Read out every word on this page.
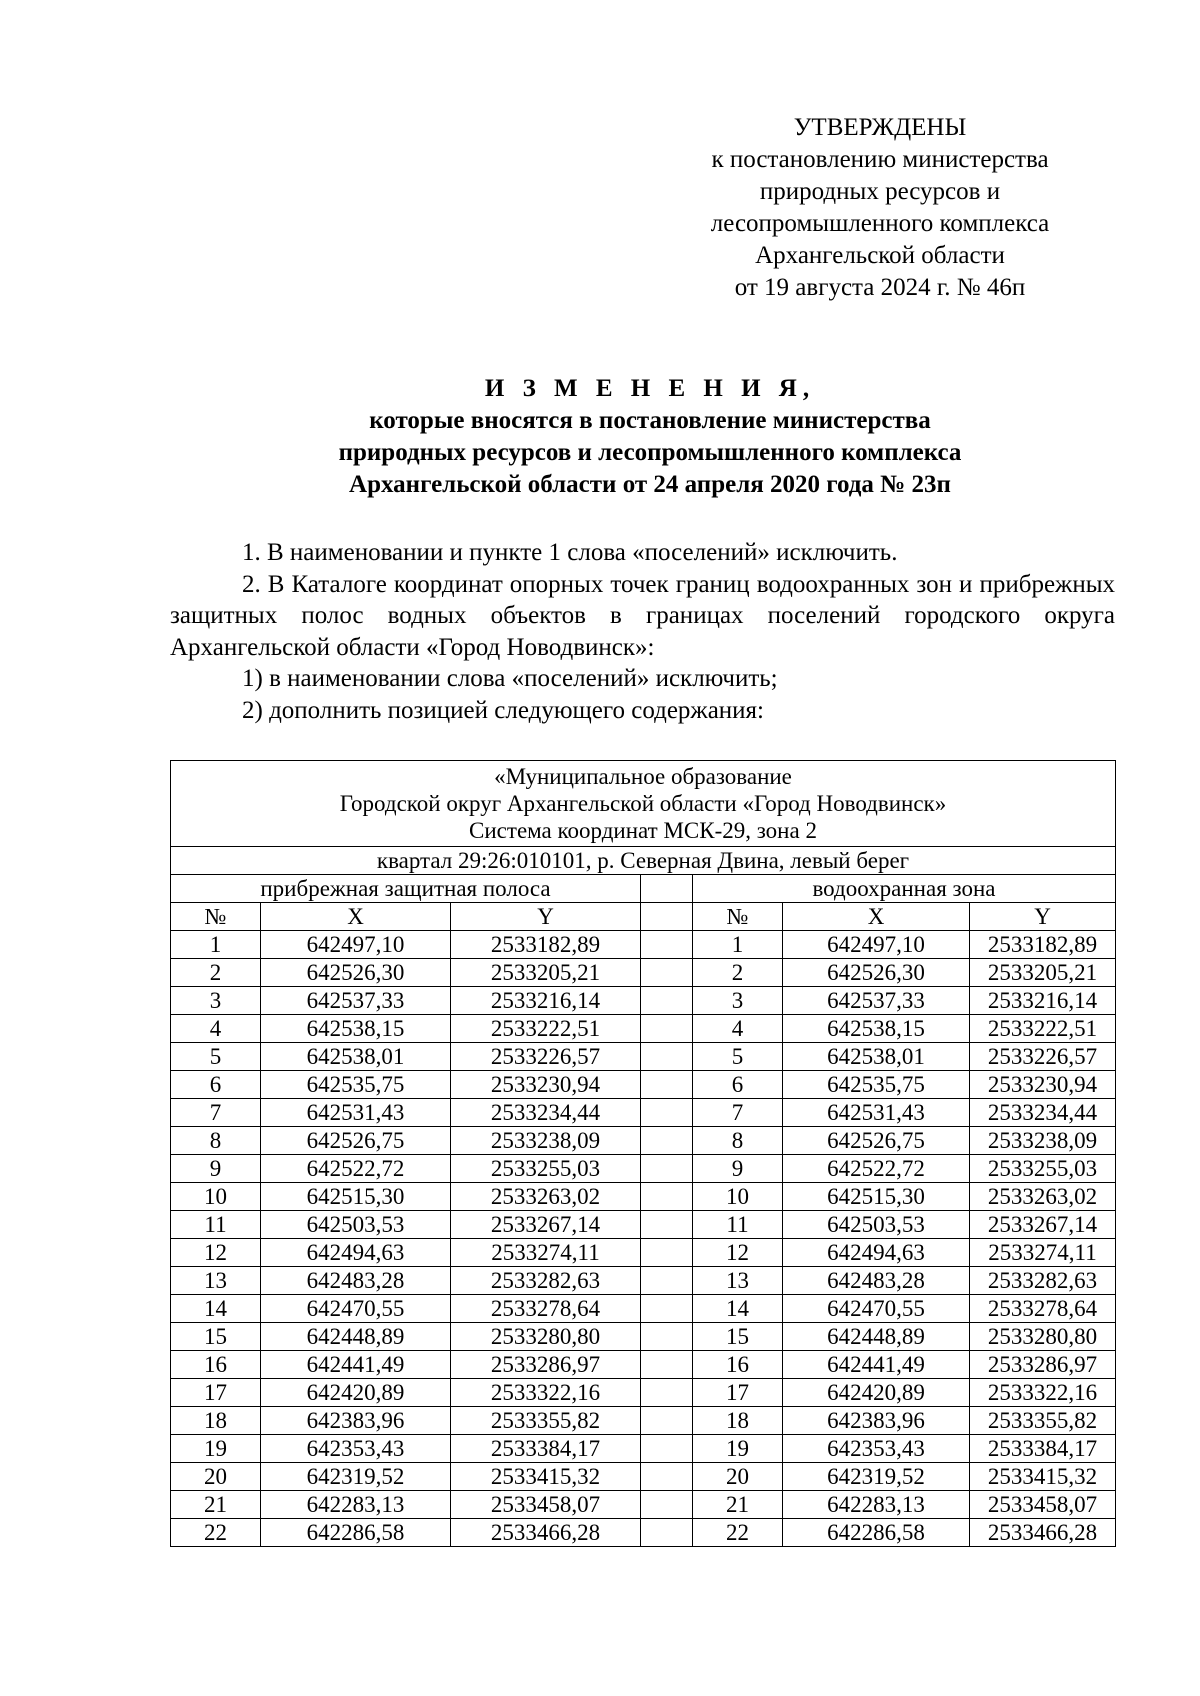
УТВЕРЖДЕНЫ
к постановлению министерства
природных ресурсов и
лесопромышленного комплекса
Архангельской области
от 19 августа 2024 г. № 46п
И З М Е Н Е Н И Я,
которые вносятся в постановление министерства
природных ресурсов и лесопромышленного комплекса
Архангельской области от 24 апреля 2020 года № 23п

1. В наименовании и пункте 1 слова «поселений» исключить.

2. В Каталоге координат опорных точек границ водоохранных зон и прибрежных защитных полос водных объектов в границах поселений городского округа Архангельской области «Город Новодвинск»:

1) в наименовании слова «поселений» исключить;

2) дополнить позицией следующего содержания:

«Муниципальное образование
Городской округ Архангельской области «Город Новодвинск»
Система координат МСК-29, зона 2						

квартал 29:26:010101, р. Северная Двина, левый берег						
прибрежная защитная полоса				водоохранная зона		
№	X	Y		№	X	Y
1	642497,10	2533182,89		1	642497,10	2533182,89
2	642526,30	2533205,21		2	642526,30	2533205,21
3	642537,33	2533216,14		3	642537,33	2533216,14
4	642538,15	2533222,51		4	642538,15	2533222,51
5	642538,01	2533226,57		5	642538,01	2533226,57
6	642535,75	2533230,94		6	642535,75	2533230,94
7	642531,43	2533234,44		7	642531,43	2533234,44
8	642526,75	2533238,09		8	642526,75	2533238,09
9	642522,72	2533255,03		9	642522,72	2533255,03
10	642515,30	2533263,02		10	642515,30	2533263,02
11	642503,53	2533267,14		11	642503,53	2533267,14
12	642494,63	2533274,11		12	642494,63	2533274,11
13	642483,28	2533282,63		13	642483,28	2533282,63
14	642470,55	2533278,64		14	642470,55	2533278,64
15	642448,89	2533280,80		15	642448,89	2533280,80
16	642441,49	2533286,97		16	642441,49	2533286,97
17	642420,89	2533322,16		17	642420,89	2533322,16
18	642383,96	2533355,82		18	642383,96	2533355,82
19	642353,43	2533384,17		19	642353,43	2533384,17
20	642319,52	2533415,32		20	642319,52	2533415,32
21	642283,13	2533458,07		21	642283,13	2533458,07
22	642286,58	2533466,28		22	642286,58	2533466,28
